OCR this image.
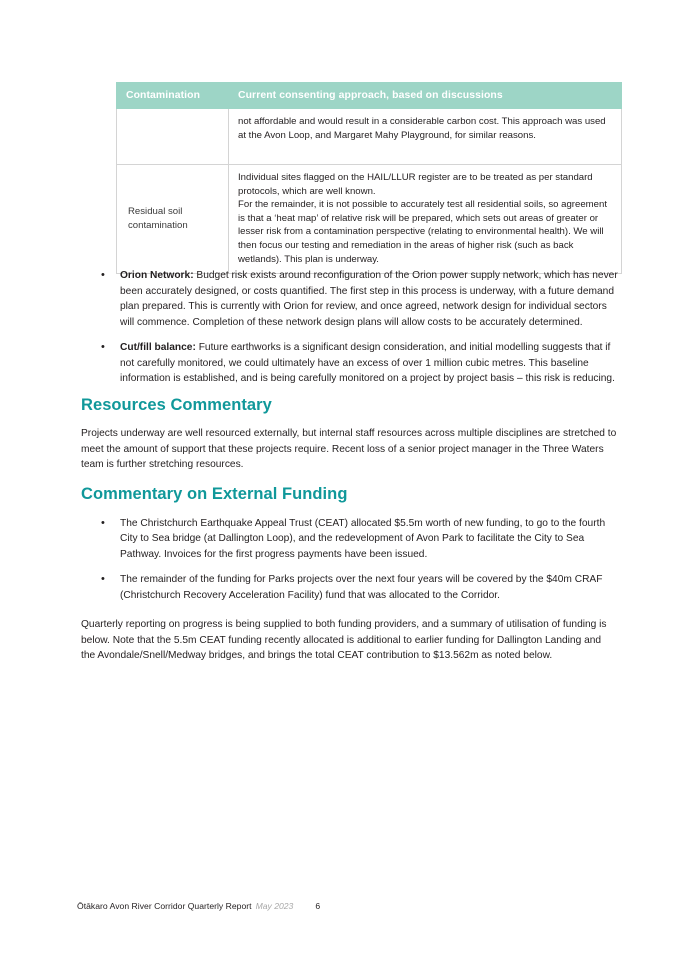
Contamination	Current consenting approach, based on discussions

	not affordable and would result in a considerable carbon cost. This approach was used at the Avon Loop, and Margaret Mahy Playground, for similar reasons.

Residual soil contamination	Individual sites flagged on the HAIL/LLUR register are to be treated as per standard protocols, which are well known.
For the remainder, it is not possible to accurately test all residential soils, so agreement is that a ‘heat map’ of relative risk will be prepared, which sets out areas of greater or lesser risk from a contamination perspective (relating to environmental health). We will then focus our testing and remediation in the areas of higher risk (such as back wetlands). This plan is underway.
• Orion Network: Budget risk exists around reconfiguration of the Orion power supply network, which has never been accurately designed, or costs quantified. The first step in this process is underway, with a future demand plan prepared. This is currently with Orion for review, and once agreed, network design for individual sectors will commence. Completion of these network design plans will allow costs to be accurately determined.
• Cut/fill balance: Future earthworks is a significant design consideration, and initial modelling suggests that if not carefully monitored, we could ultimately have an excess of over 1 million cubic metres. This baseline information is established, and is being carefully monitored on a project by project basis – this risk is reducing.
Resources Commentary

Projects underway are well resourced externally, but internal staff resources across multiple disciplines are stretched to meet the amount of support that these projects require. Recent loss of a senior project manager in the Three Waters team is further stretching resources.

Commentary on External Funding
• The Christchurch Earthquake Appeal Trust (CEAT) allocated $5.5m worth of new funding, to go to the fourth City to Sea bridge (at Dallington Loop), and the redevelopment of Avon Park to facilitate the City to Sea Pathway. Invoices for the first progress payments have been issued.
• The remainder of the funding for Parks projects over the next four years will be covered by the $40m CRAF (Christchurch Recovery Acceleration Facility) fund that was allocated to the Corridor.

Quarterly reporting on progress is being supplied to both funding providers, and a summary of utilisation of funding is below. Note that the 5.5m CEAT funding recently allocated is additional to earlier funding for Dallington Landing and the Avondale/Snell/Medway bridges, and brings the total CEAT contribution to $13.562m as noted below.

Ōtākaro Avon River Corridor Quarterly Report May 2023	6
